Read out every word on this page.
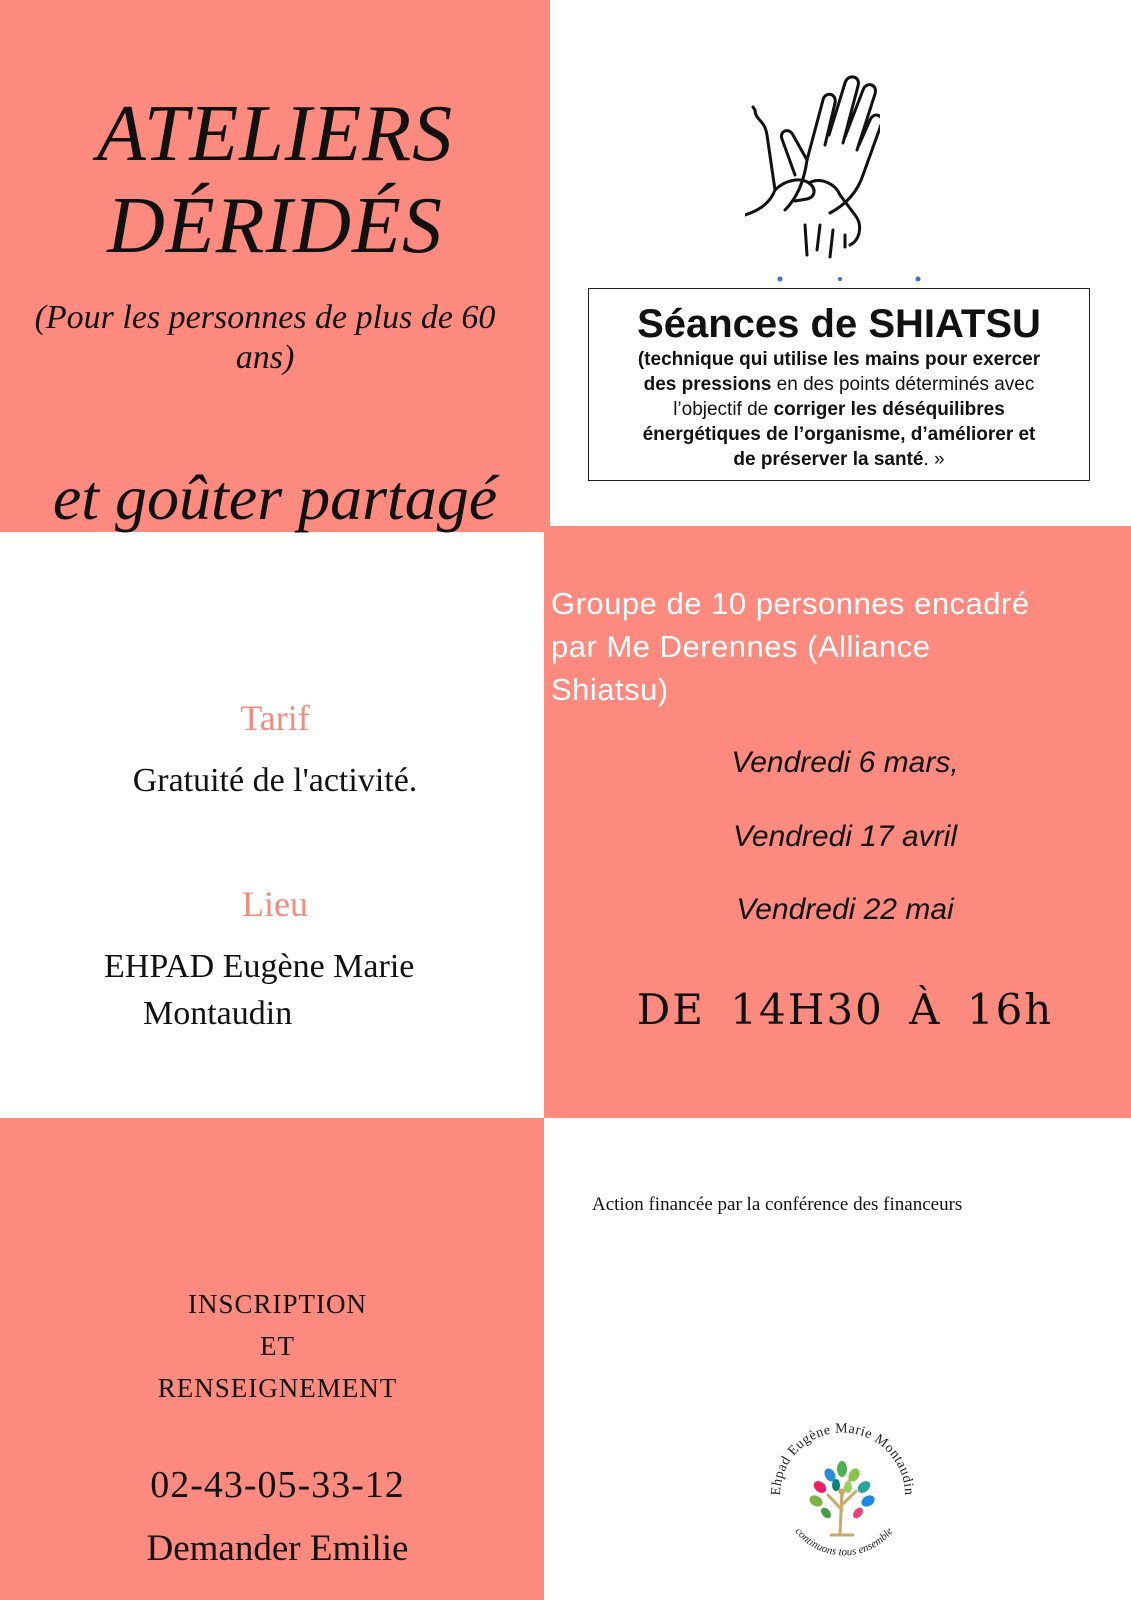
ATELIERS
DÉRIDÉS
(Pour les personnes de plus de 60
ans)
et goûter partagé
Séances de SHIATSU
(technique qui utilise les mains pour exercer
des pressions en des points déterminés avec
l’objectif de corriger les déséquilibres
énergétiques de l’organisme, d’améliorer et
de préserver la santé. »
Tarif
Gratuité de l'activité.
Lieu
EHPAD Eugène Marie
Montaudin
Groupe de 10 personnes encadré
par Me Derennes (Alliance
Shiatsu)
Vendredi 6 mars,
Vendredi 17 avril
Vendredi 22 mai
DE 14H30 À 16h
Action financée par la conférence des financeurs
INSCRIPTION
ET
RENSEIGNEMENT
02-43-05-33-12
Demander Emilie
Ehpad Eugène Marie Montaudin
continuons tous ensemble
